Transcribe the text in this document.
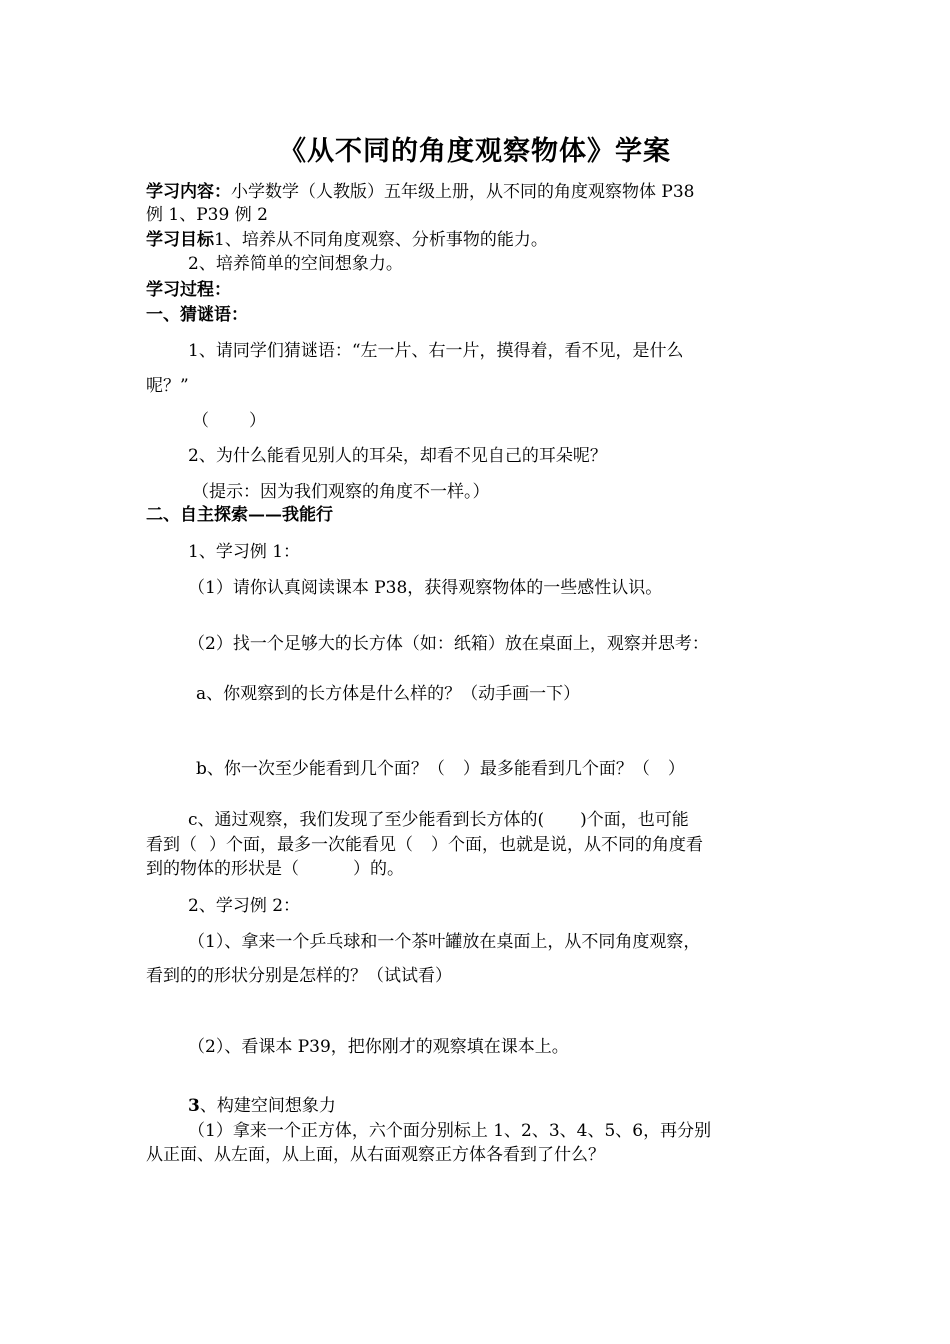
《从不同的角度观察物体》学案
学习内容：小学数学（人教版）五年级上册，从不同的角度观察物体 P38
例 1、P39 例 2
学习目标1、培养从不同角度观察、分析事物的能力。
2、培养简单的空间想象力。
学习过程：
一、猜谜语：
1、请同学们猜谜语：“左一片、右一片，摸得着，看不见，是什么
呢？”
（ ）
2、为什么能看见别人的耳朵，却看不见自己的耳朵呢？
（提示：因为我们观察的角度不一样。）
二、自主探索——我能行
1、学习例 1：
（1）请你认真阅读课本 P38，获得观察物体的一些感性认识。
（2）找一个足够大的长方体（如：纸箱）放在桌面上，观察并思考：
a、你观察到的长方体是什么样的？（动手画一下）
b、你一次至少能看到几个面？（ ）最多能看到几个面？（ ）
c、通过观察，我们发现了至少能看到长方体的( )个面，也可能
看到（ ）个面，最多一次能看见（ ）个面，也就是说，从不同的角度看
到的物体的形状是（	）的。
2、学习例 2：
（1）、拿来一个乒乓球和一个茶叶罐放在桌面上，从不同角度观察，
看到的的形状分别是怎样的？（试试看）
（2）、看课本 P39，把你刚才的观察填在课本上。
3、构建空间想象力
（1）拿来一个正方体，六个面分别标上 1、2、3、4、5、6，再分别
从正面、从左面，从上面，从右面观察正方体各看到了什么？
